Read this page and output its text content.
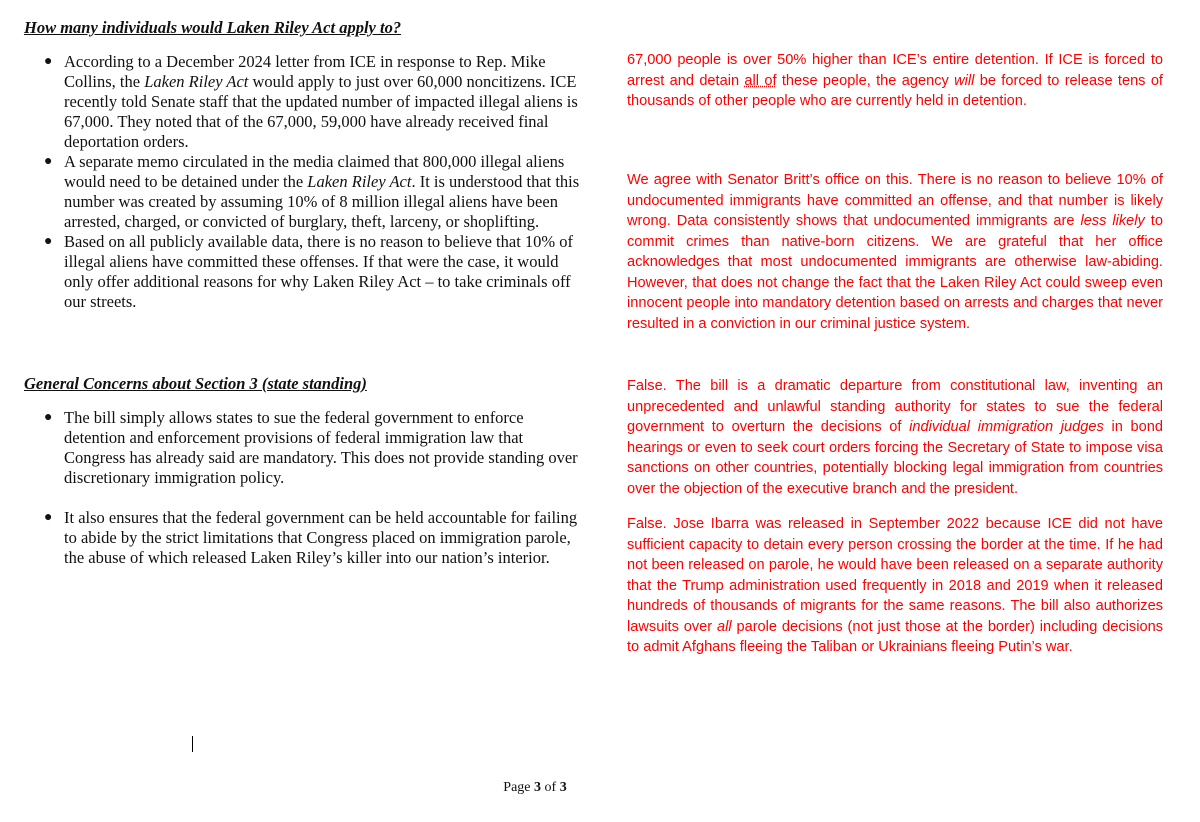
How many individuals would Laken Riley Act apply to?

● According to a December 2024 letter from ICE in response to Rep. Mike Collins, the Laken Riley Act would apply to just over 60,000 noncitizens. ICE recently told Senate staff that the updated number of impacted illegal aliens is 67,000. They noted that of the 67,000, 59,000 have already received final deportation orders.
● A separate memo circulated in the media claimed that 800,000 illegal aliens would need to be detained under the Laken Riley Act. It is understood that this number was created by assuming 10% of 8 million illegal aliens have been arrested, charged, or convicted of burglary, theft, larceny, or shoplifting.
● Based on all publicly available data, there is no reason to believe that 10% of illegal aliens have committed these offenses. If that were the case, it would only offer additional reasons for why Laken Riley Act – to take criminals off our streets.

General Concerns about Section 3 (state standing)

● The bill simply allows states to sue the federal government to enforce detention and enforcement provisions of federal immigration law that Congress has already said are mandatory. This does not provide standing over discretionary immigration policy.
● It also ensures that the federal government can be held accountable for failing to abide by the strict limitations that Congress placed on immigration parole, the abuse of which released Laken Riley’s killer into our nation’s interior.

67,000 people is over 50% higher than ICE’s entire detention. If ICE is forced to arrest and detain all of these people, the agency will be forced to release tens of thousands of other people who are currently held in detention.

We agree with Senator Britt’s office on this. There is no reason to believe 10% of undocumented immigrants have committed an offense, and that number is likely wrong. Data consistently shows that undocumented immigrants are less likely to commit crimes than native-born citizens. We are grateful that her office acknowledges that most undocumented immigrants are otherwise law-abiding. However, that does not change the fact that the Laken Riley Act could sweep even innocent people into mandatory detention based on arrests and charges that never resulted in a conviction in our criminal justice system.

False. The bill is a dramatic departure from constitutional law, inventing an unprecedented and unlawful standing authority for states to sue the federal government to overturn the decisions of individual immigration judges in bond hearings or even to seek court orders forcing the Secretary of State to impose visa sanctions on other countries, potentially blocking legal immigration from countries over the objection of the executive branch and the president.

False. Jose Ibarra was released in September 2022 because ICE did not have sufficient capacity to detain every person crossing the border at the time. If he had not been released on parole, he would have been released on a separate authority that the Trump administration used frequently in 2018 and 2019 when it released hundreds of thousands of migrants for the same reasons. The bill also authorizes lawsuits over all parole decisions (not just those at the border) including decisions to admit Afghans fleeing the Taliban or Ukrainians fleeing Putin’s war.

Page 3 of 3
